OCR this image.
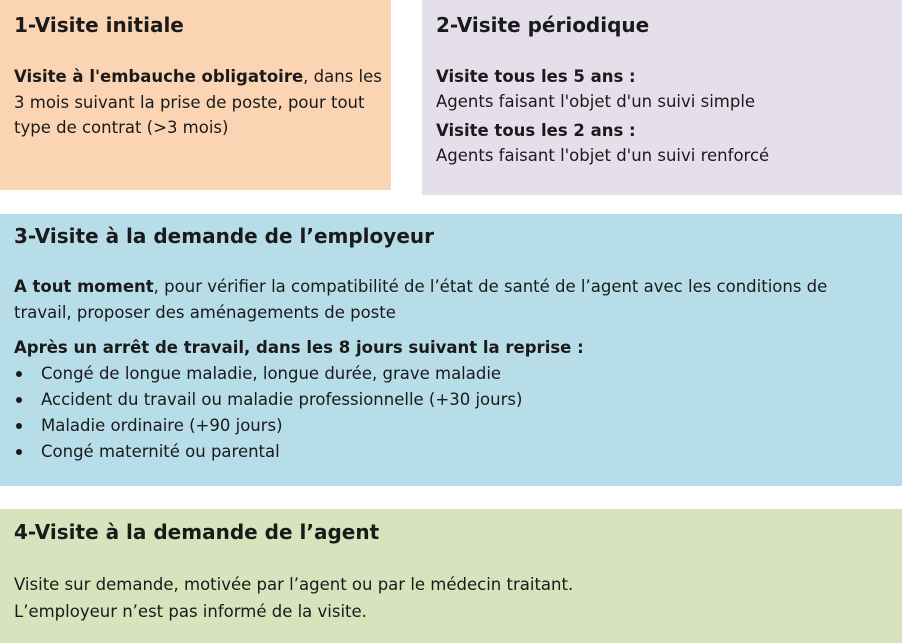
1-Visite initiale

Visite à l'embauche obligatoire, dans les 3 mois suivant la prise de poste, pour tout type de contrat (>3 mois)

2-Visite périodique

Visite tous les 5 ans :

Agents faisant l'objet d'un suivi simple

Visite tous les 2 ans :

Agents faisant l'objet d'un suivi renforcé

3-Visite à la demande de l’employeur

A tout moment, pour vérifier la compatibilité de l’état de santé de l’agent avec les conditions de travail, proposer des aménagements de poste

Après un arrêt de travail, dans les 8 jours suivant la reprise :

Congé de longue maladie, longue durée, grave maladie
Accident du travail ou maladie professionnelle (+30 jours)
Maladie ordinaire (+90 jours)
Congé maternité ou parental
4-Visite à la demande de l’agent

Visite sur demande, motivée par l’agent ou par le médecin traitant.

L’employeur n’est pas informé de la visite.
